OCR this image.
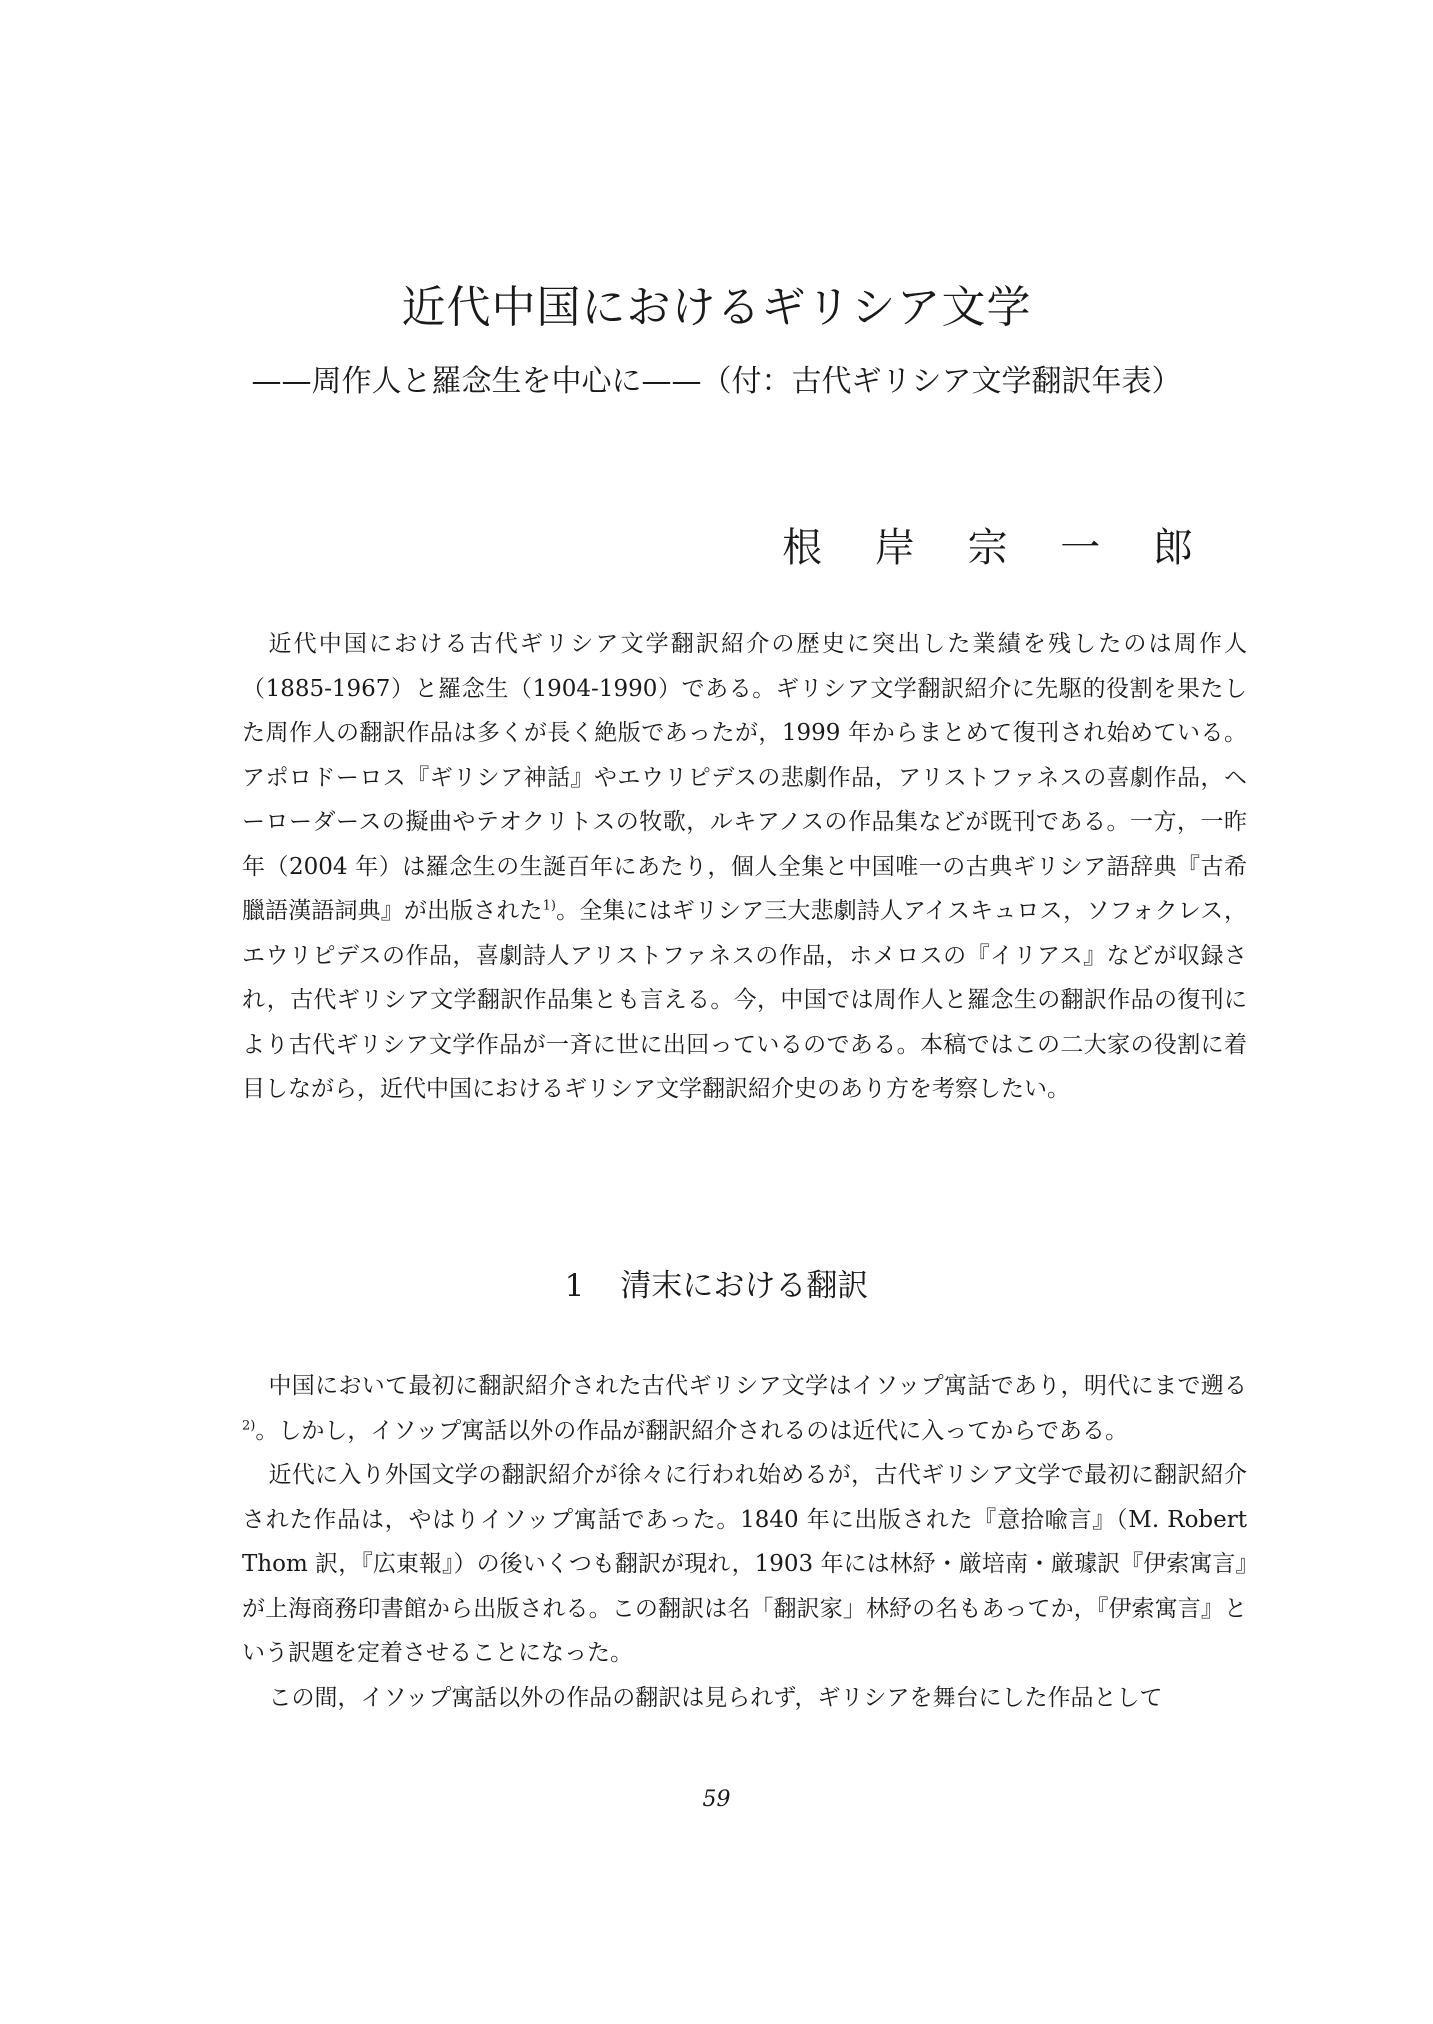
近代中国におけるギリシア文学
——周作人と羅念生を中心に——（付：古代ギリシア文学翻訳年表）
根 岸 宗 一 郎

近代中国における古代ギリシア文学翻訳紹介の歴史に突出した業績を残したのは周作人（1885-1967）と羅念生（1904-1990）である。ギリシア文学翻訳紹介に先駆的役割を果たした周作人の翻訳作品は多くが長く絶版であったが，1999 年からまとめて復刊され始めている。アポロドーロス『ギリシア神話』やエウリピデスの悲劇作品，アリストファネスの喜劇作品，ヘーローダースの擬曲やテオクリトスの牧歌，ルキアノスの作品集などが既刊である。一方，一昨年（2004 年）は羅念生の生誕百年にあたり，個人全集と中国唯一の古典ギリシア語辞典『古希臘語漢語詞典』が出版された$^{1)}$。全集にはギリシア三大悲劇詩人アイスキュロス，ソフォクレス，エウリピデスの作品，喜劇詩人アリストファネスの作品，ホメロスの『イリアス』などが収録され，古代ギリシア文学翻訳作品集とも言える。今，中国では周作人と羅念生の翻訳作品の復刊により古代ギリシア文学作品が一斉に世に出回っているのである。本稿ではこの二大家の役割に着目しながら，近代中国におけるギリシア文学翻訳紹介史のあり方を考察したい。

1 清末における翻訳

中国において最初に翻訳紹介された古代ギリシア文学はイソップ寓話であり，明代にまで遡る$^{2)}$。しかし，イソップ寓話以外の作品が翻訳紹介されるのは近代に入ってからである。

近代に入り外国文学の翻訳紹介が徐々に行われ始めるが，古代ギリシア文学で最初に翻訳紹介された作品は，やはりイソップ寓話であった。1840 年に出版された『意拾喩言』（M. Robert Thom 訳，『広東報』）の後いくつも翻訳が現れ，1903 年には林紓・厳培南・厳璩訳『伊索寓言』が上海商務印書館から出版される。この翻訳は名「翻訳家」林紓の名もあってか，『伊索寓言』という訳題を定着させることになった。

この間，イソップ寓話以外の作品の翻訳は見られず，ギリシアを舞台にした作品として

59
